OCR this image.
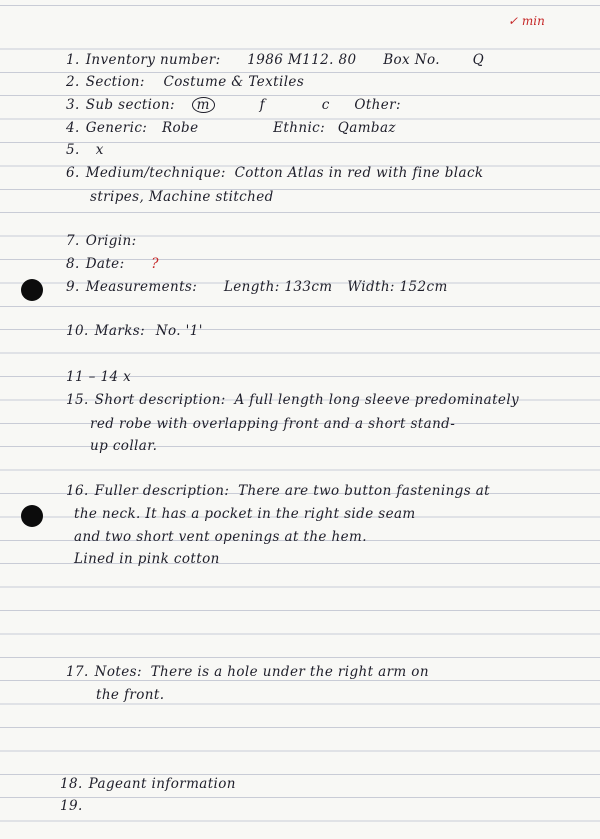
✓ min
1. Inventory number: 1986 M112. 80 Box No. Q
2. Section: Costume & Textiles
3. Sub section: m	f	c Other:
4. Generic: Robe	Ethnic: Qambaz
5. x
6. Medium/technique: Cotton Atlas in red with fine black
stripes, Machine stitched
7. Origin:
8. Date: ?
9. Measurements: Length: 133cm Width: 152cm
10. Marks: No. '1'
11 – 14 x
15. Short description: A full length long sleeve predominately
red robe with overlapping front and a short stand-
up collar.
16. Fuller description: There are two button fastenings at
the neck. It has a pocket in the right side seam
and two short vent openings at the hem.
Lined in pink cotton
17. Notes: There is a hole under the right arm on
the front.
18. Pageant information
19.
